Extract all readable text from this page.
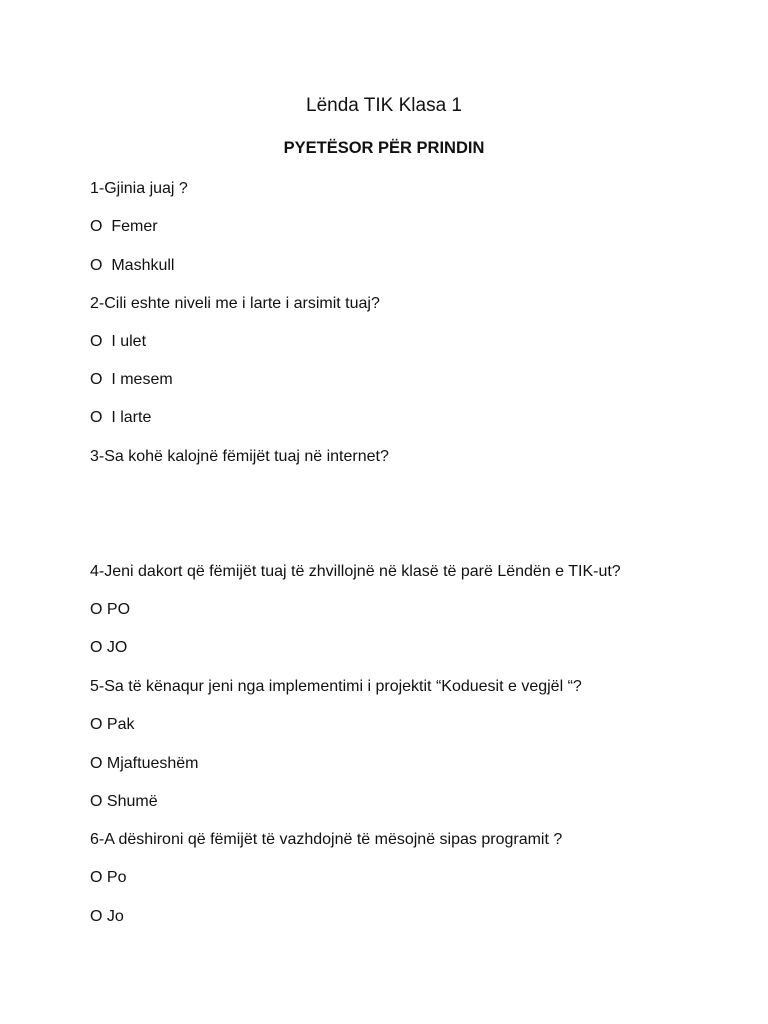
Lënda TIK Klasa 1
PYETËSOR PËR PRINDIN

1-Gjinia juaj ?

O  Femer

O  Mashkull

2-Cili eshte niveli me i larte i arsimit tuaj?

O  I ulet

O  I mesem

O  I larte

3-Sa kohë kalojnë fëmijët tuaj në internet?

4-Jeni dakort që fëmijët tuaj të zhvillojnë në klasë të parë Lëndën e TIK-ut?

O PO

O JO

5-Sa të kënaqur jeni nga implementimi i projektit “Koduesit e vegjël “?

O Pak

O Mjaftueshëm

O Shumë

6-A dëshironi që fëmijët të vazhdojnë të mësojnë sipas programit ?

O Po

O Jo
